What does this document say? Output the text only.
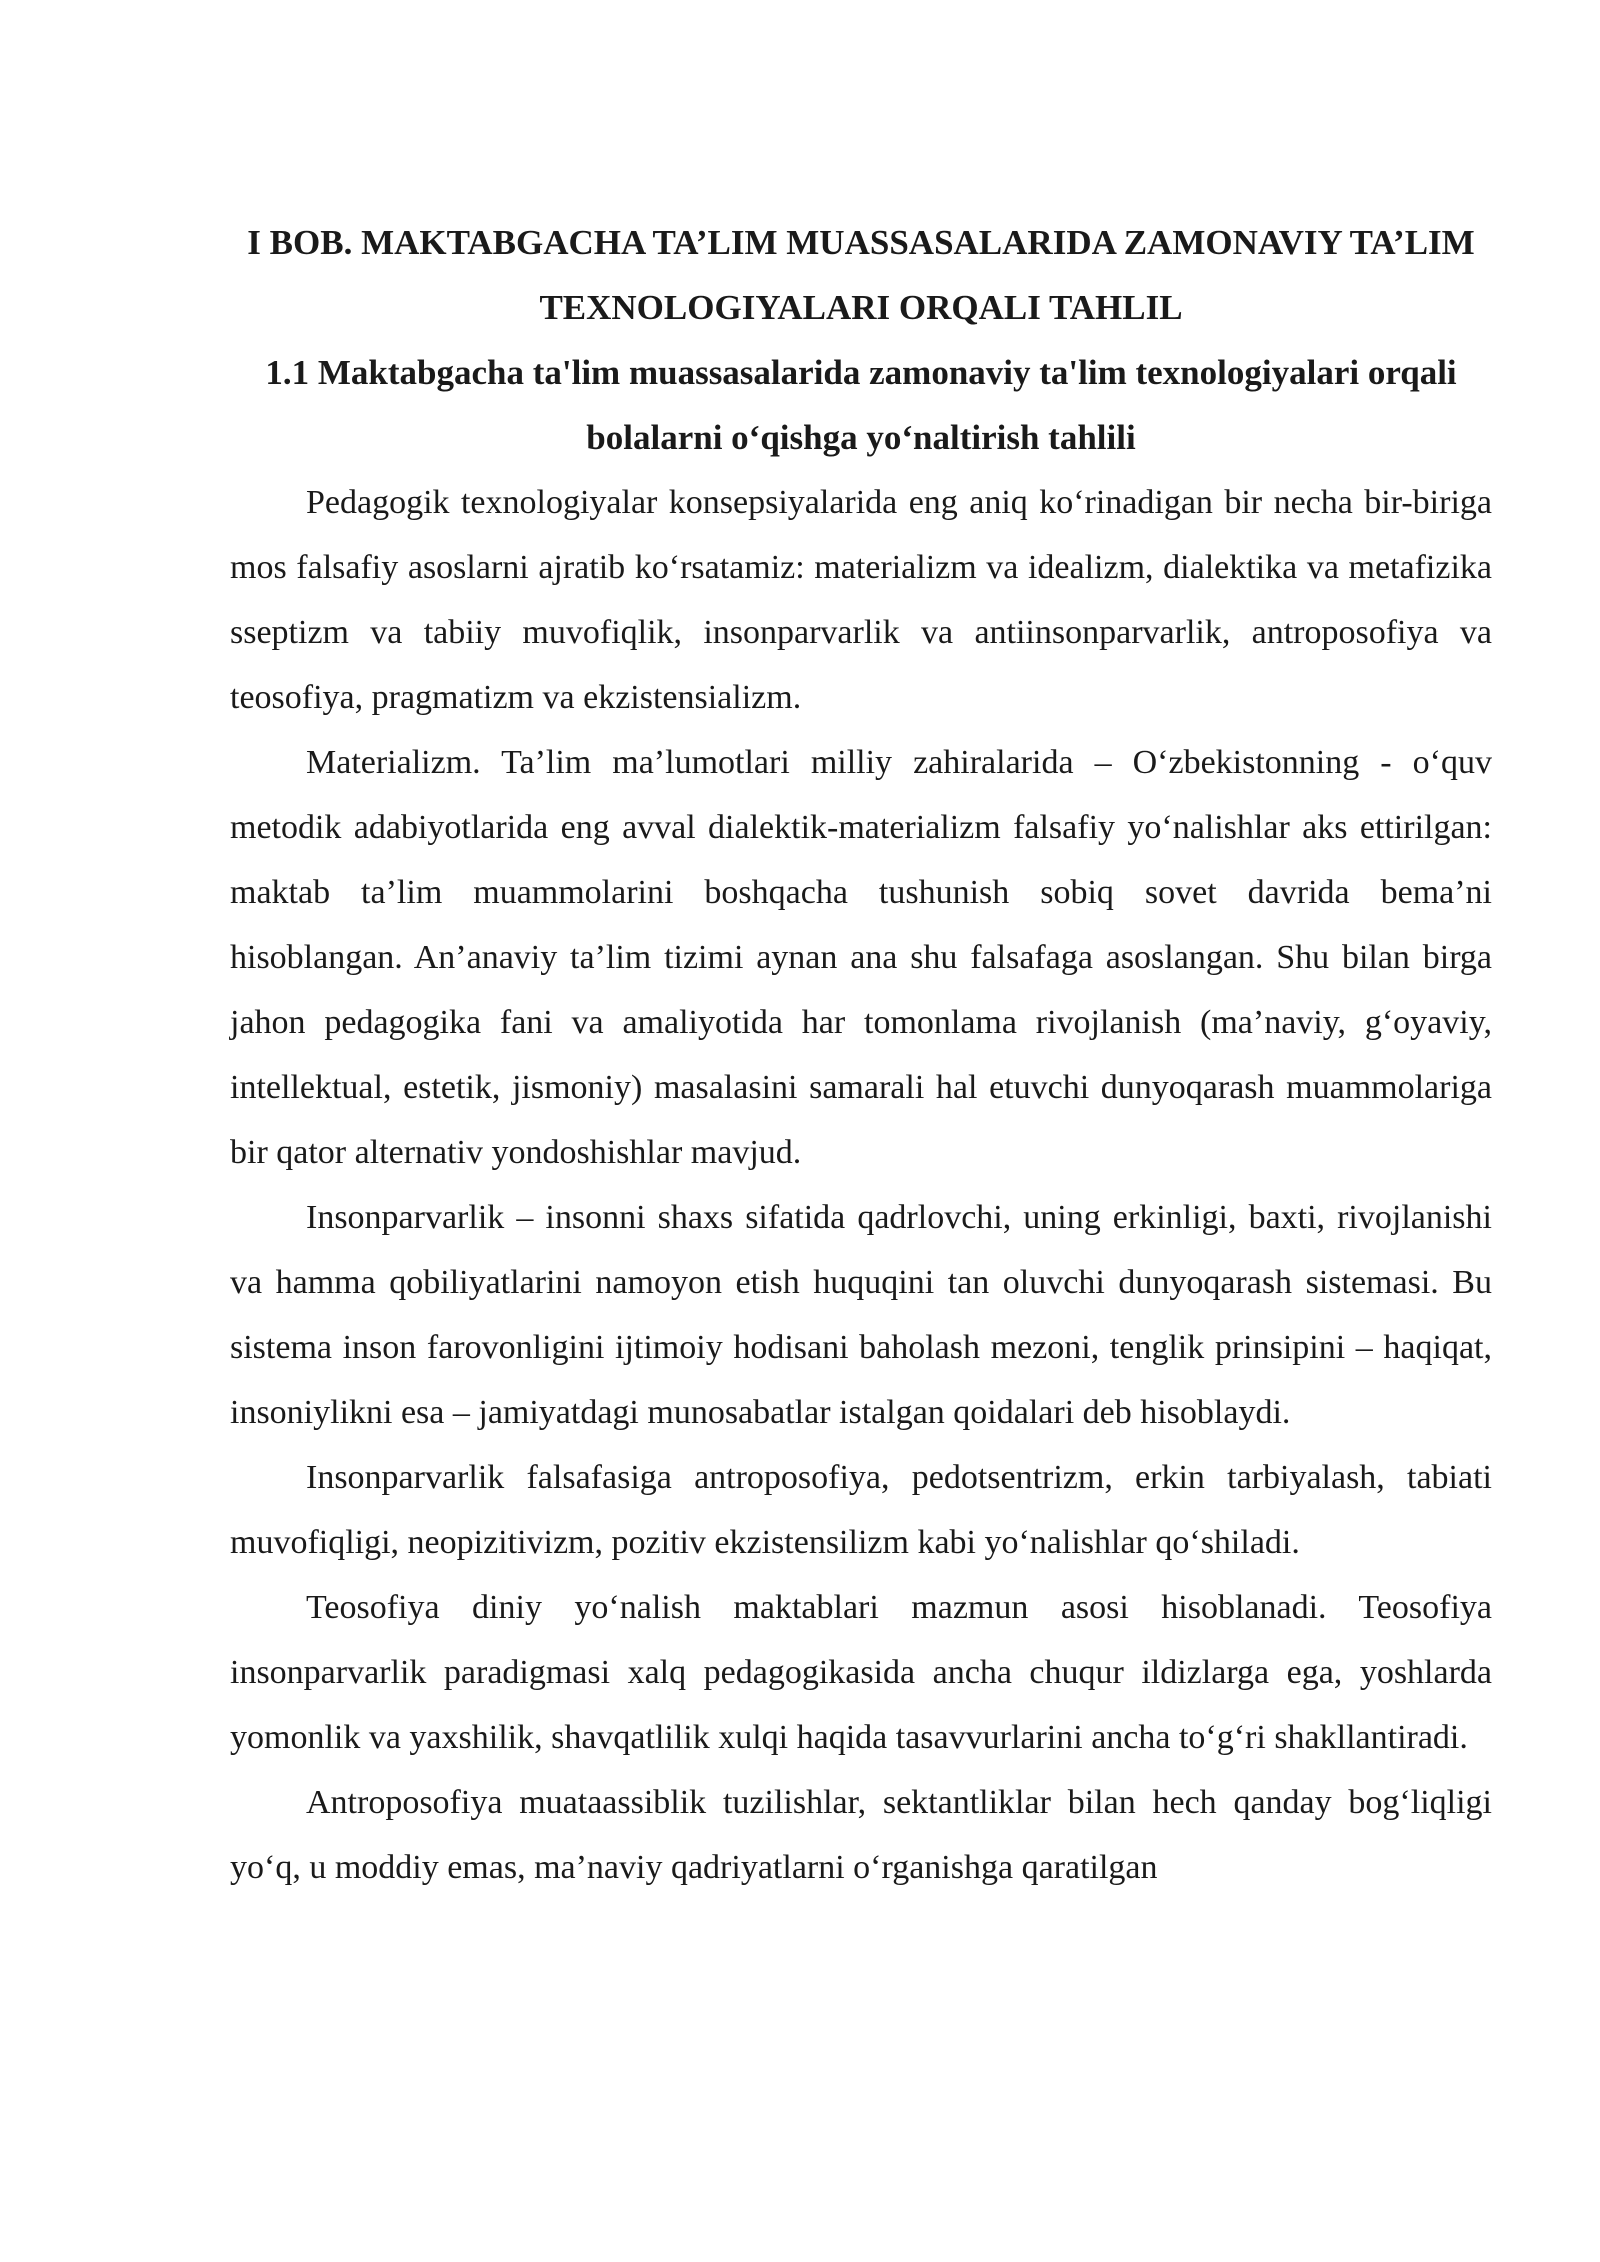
I BOB. MAKTABGACHA TA’LIM MUASSASALARIDA ZAMONAVIY TA’LIM TEXNOLOGIYALARI ORQALI TAHLIL
1.1 Maktabgacha ta'lim muassasalarida zamonaviy ta'lim texnologiyalari orqali bolalarni o‘qishga yo‘naltirish tahlili

Pedagogik texnologiyalar konsepsiyalarida eng aniq ko‘rinadigan bir necha bir-biriga mos falsafiy asoslarni ajratib ko‘rsatamiz: materializm va idealizm, dialektika va metafizika sseptizm va tabiiy muvofiqlik, insonparvarlik va antiinsonparvarlik, antroposofiya va teosofiya, pragmatizm va ekzistensializm.

Materializm. Ta’lim ma’lumotlari milliy zahiralarida – O‘zbekistonning - o‘quv metodik adabiyotlarida eng avval dialektik-materializm falsafiy yo‘nalishlar aks ettirilgan: maktab ta’lim muammolarini boshqacha tushunish sobiq sovet davrida bema’ni hisoblangan. An’anaviy ta’lim tizimi aynan ana shu falsafaga asoslangan. Shu bilan birga jahon pedagogika fani va amaliyotida har tomonlama rivojlanish (ma’naviy, g‘oyaviy, intellektual, estetik, jismoniy) masalasini samarali hal etuvchi dunyoqarash muammolariga bir qator alternativ yondoshishlar mavjud.

Insonparvarlik – insonni shaxs sifatida qadrlovchi, uning erkinligi, baxti, rivojlanishi va hamma qobiliyatlarini namoyon etish huquqini tan oluvchi dunyoqarash sistemasi. Bu sistema inson farovonligini ijtimoiy hodisani baholash mezoni, tenglik prinsipini – haqiqat, insoniylikni esa – jamiyatdagi munosabatlar istalgan qoidalari deb hisoblaydi.

Insonparvarlik falsafasiga antroposofiya, pedotsentrizm, erkin tarbiyalash, tabiati muvofiqligi, neopizitivizm, pozitiv ekzistensilizm kabi yo‘nalishlar qo‘shiladi.

Teosofiya diniy yo‘nalish maktablari mazmun asosi hisoblanadi. Teosofiya insonparvarlik paradigmasi xalq pedagogikasida ancha chuqur ildizlarga ega, yoshlarda yomonlik va yaxshilik, shavqatlilik xulqi haqida tasavvurlarini ancha to‘g‘ri shakllantiradi.

Antroposofiya muataassiblik tuzilishlar, sektantliklar bilan hech qanday bog‘liqligi yo‘q, u moddiy emas, ma’naviy qadriyatlarni o‘rganishga qaratilgan
